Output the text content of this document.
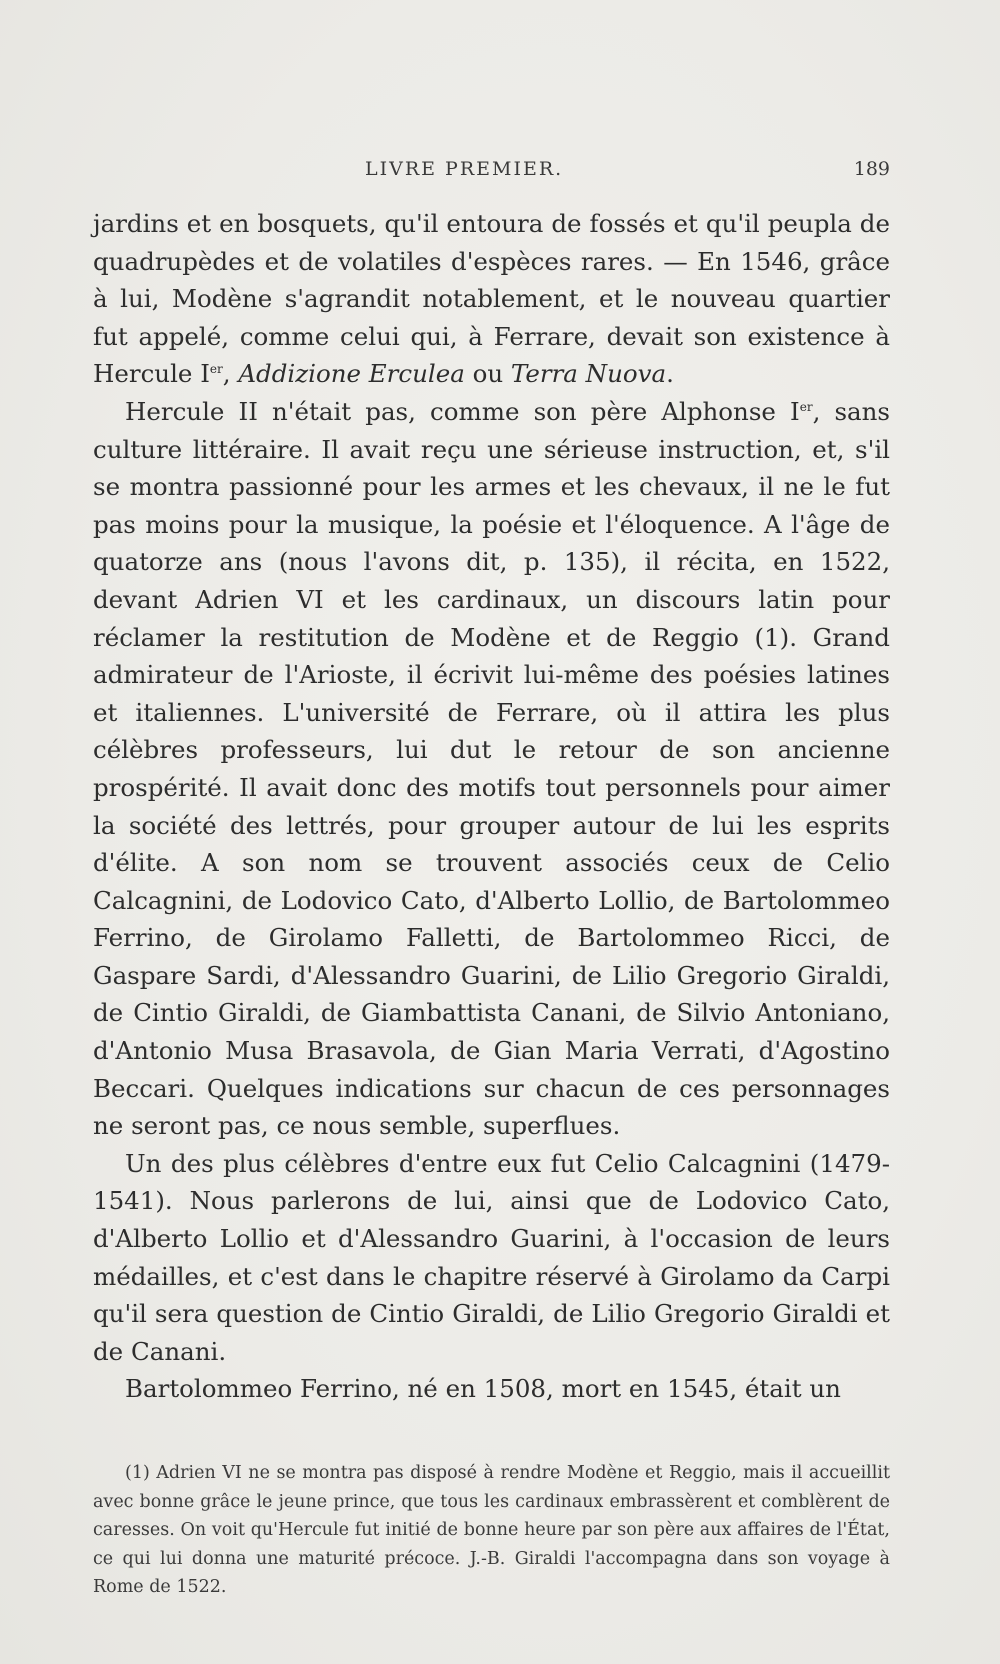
LIVRE PREMIER.	189

jardins et en bosquets, qu'il entoura de fossés et qu'il peupla de quadrupèdes et de volatiles d'espèces rares. — En 1546, grâce à lui, Modène s'agrandit notablement, et le nouveau quartier fut appelé, comme celui qui, à Ferrare, devait son existence à Hercule Ier, Addizione Erculea ou Terra Nuova.

Hercule II n'était pas, comme son père Alphonse Ier, sans culture littéraire. Il avait reçu une sérieuse instruction, et, s'il se montra passionné pour les armes et les chevaux, il ne le fut pas moins pour la musique, la poésie et l'éloquence. A l'âge de quatorze ans (nous l'avons dit, p. 135), il récita, en 1522, devant Adrien VI et les cardinaux, un discours latin pour réclamer la restitution de Modène et de Reggio (1). Grand admirateur de l'Arioste, il écrivit lui-même des poésies latines et italiennes. L'université de Ferrare, où il attira les plus célèbres professeurs, lui dut le retour de son ancienne prospérité. Il avait donc des motifs tout personnels pour aimer la société des lettrés, pour grouper autour de lui les esprits d'élite. A son nom se trouvent associés ceux de Celio Calcagnini, de Lodovico Cato, d'Alberto Lollio, de Bartolommeo Ferrino, de Girolamo Falletti, de Bartolommeo Ricci, de Gaspare Sardi, d'Alessandro Guarini, de Lilio Gregorio Giraldi, de Cintio Giraldi, de Giambattista Canani, de Silvio Antoniano, d'Antonio Musa Brasavola, de Gian Maria Verrati, d'Agostino Beccari. Quelques indications sur chacun de ces personnages ne seront pas, ce nous semble, superflues.

Un des plus célèbres d'entre eux fut Celio Calcagnini (1479-1541). Nous parlerons de lui, ainsi que de Lodovico Cato, d'Alberto Lollio et d'Alessandro Guarini, à l'occasion de leurs médailles, et c'est dans le chapitre réservé à Girolamo da Carpi qu'il sera question de Cintio Giraldi, de Lilio Gregorio Giraldi et de Canani.

Bartolommeo Ferrino, né en 1508, mort en 1545, était un

(1) Adrien VI ne se montra pas disposé à rendre Modène et Reggio, mais il accueillit avec bonne grâce le jeune prince, que tous les cardinaux embrassèrent et comblèrent de caresses. On voit qu'Hercule fut initié de bonne heure par son père aux affaires de l'État, ce qui lui donna une maturité précoce. J.-B. Giraldi l'accompagna dans son voyage à Rome de 1522.
